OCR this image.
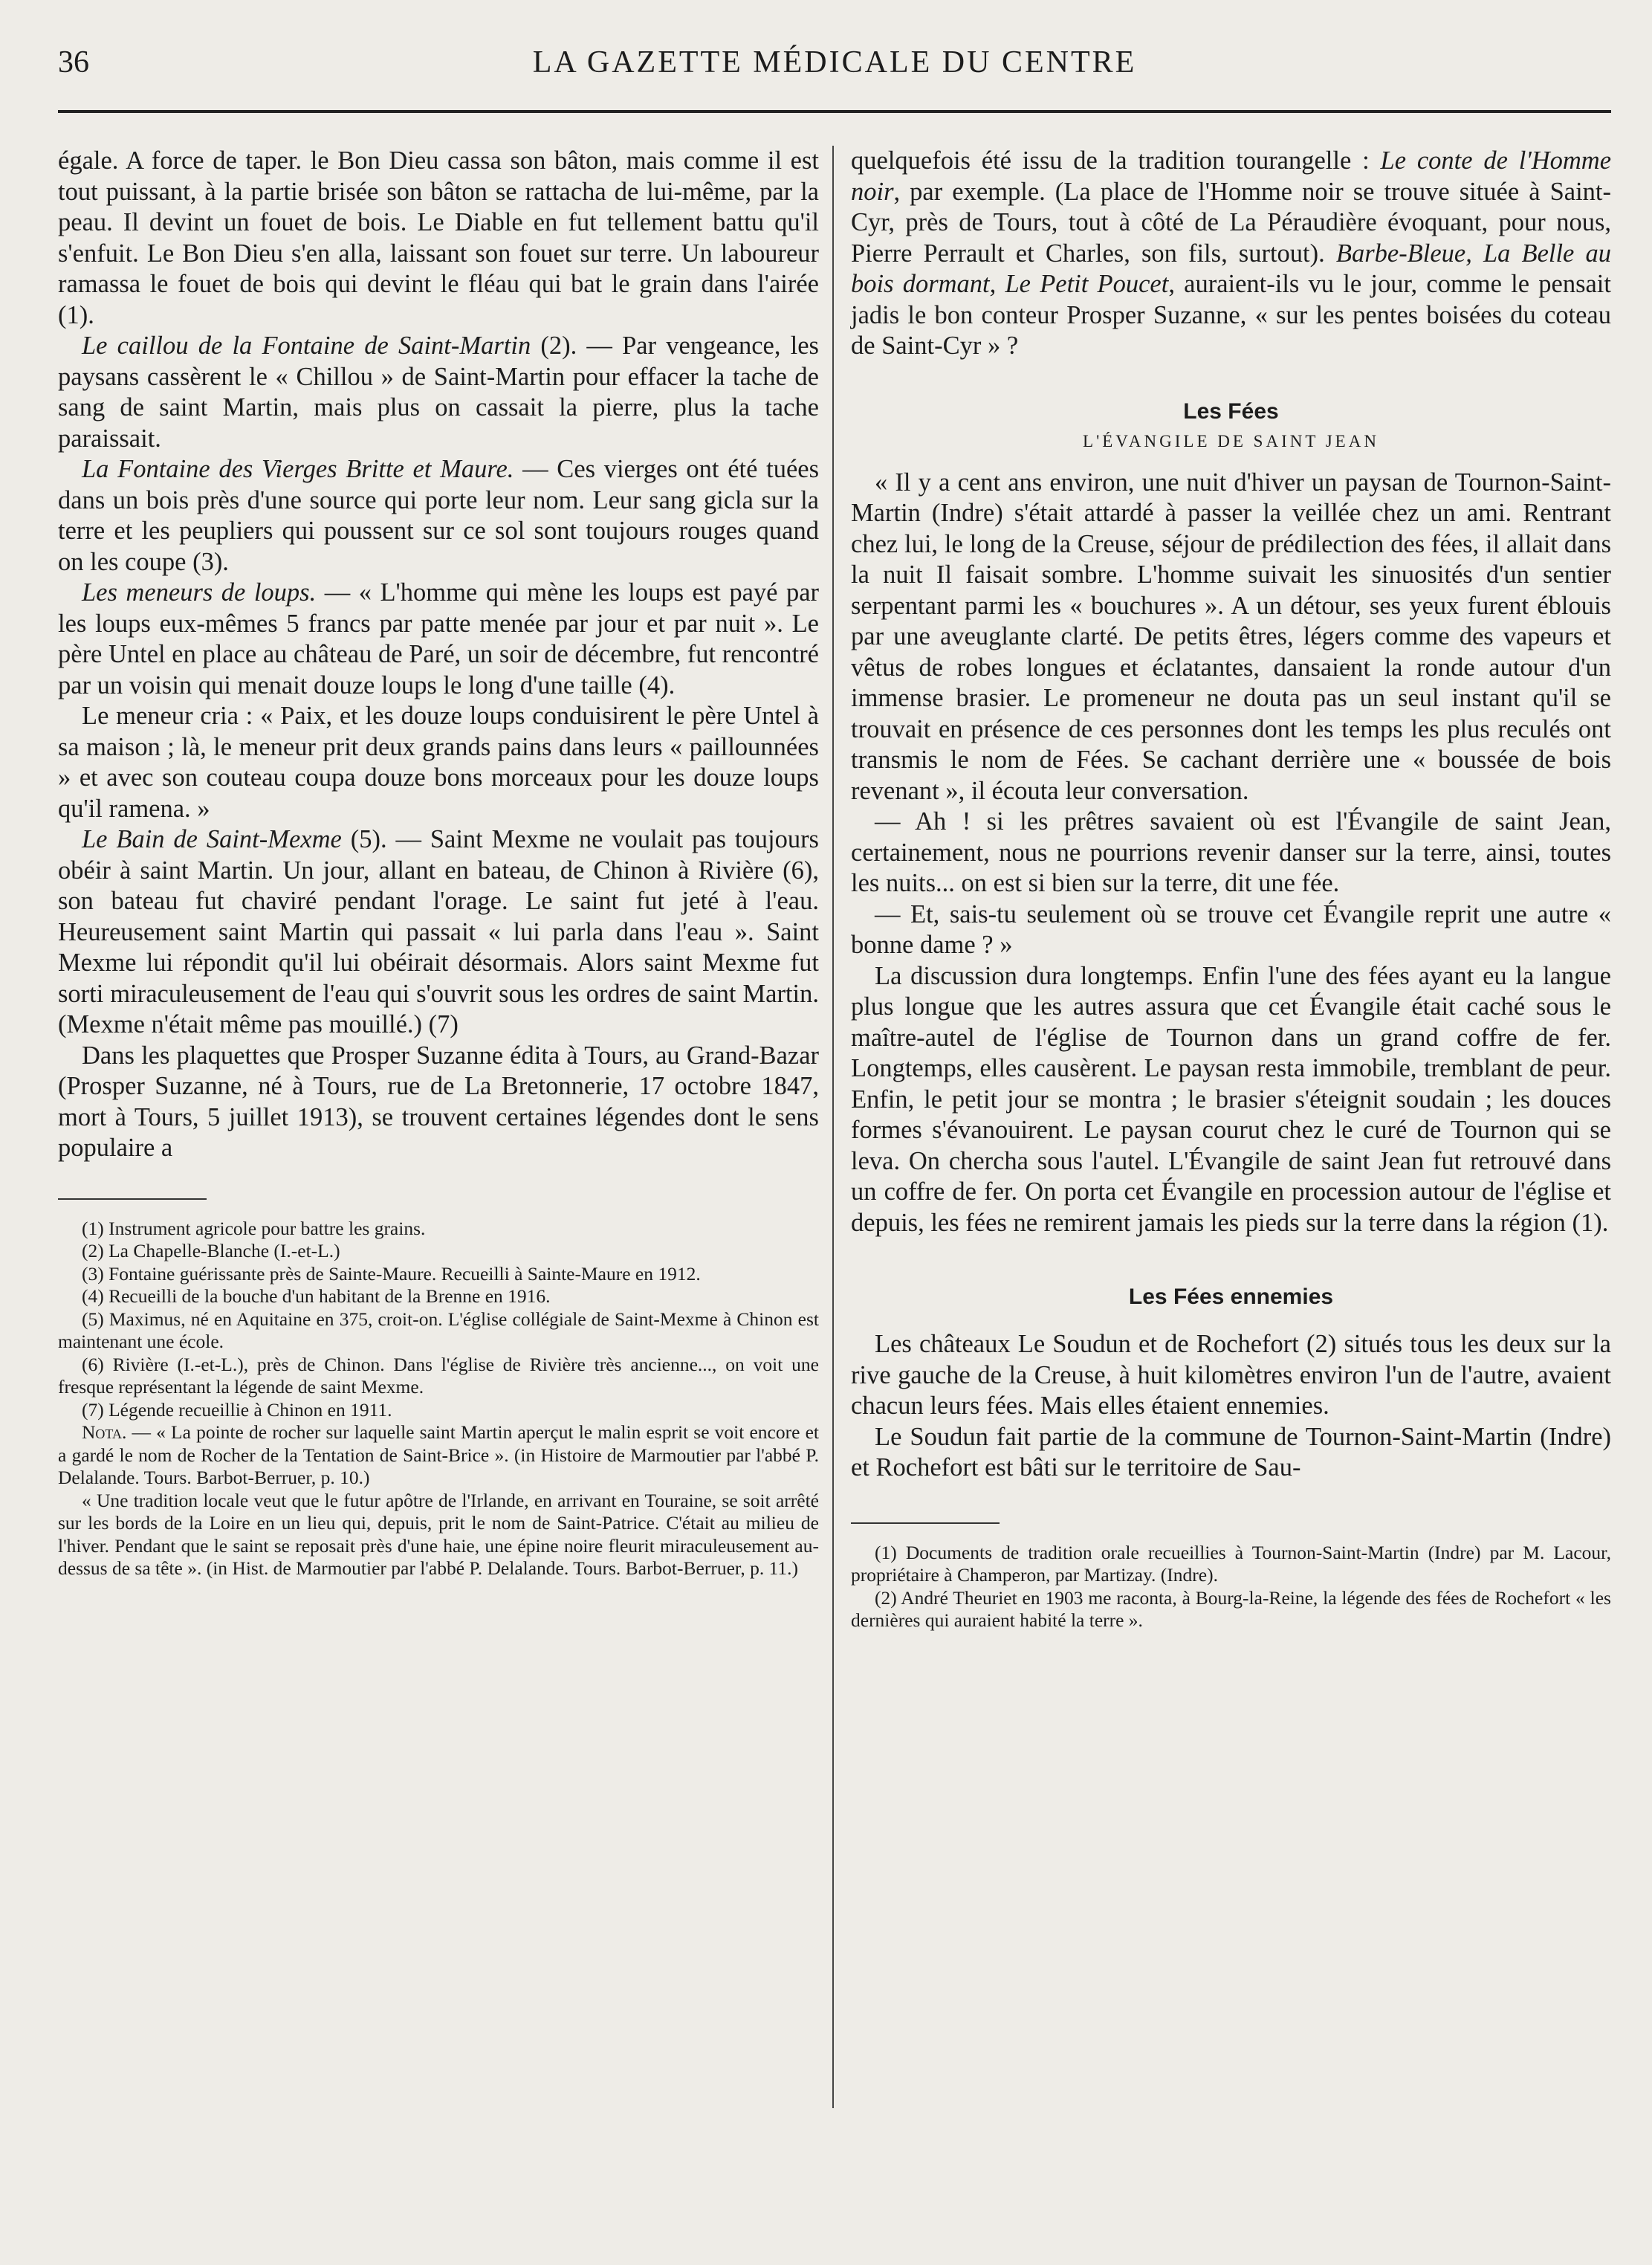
36	LA GAZETTE MÉDICALE DU CENTRE

égale. A force de taper. le Bon Dieu cassa son bâton, mais comme il est tout puissant, à la partie brisée son bâton se rattacha de lui-même, par la peau. Il devint un fouet de bois. Le Diable en fut tellement battu qu'il s'enfuit. Le Bon Dieu s'en alla, laissant son fouet sur terre. Un laboureur ramassa le fouet de bois qui devint le fléau qui bat le grain dans l'airée (1).

Le caillou de la Fontaine de Saint-Martin (2). — Par vengeance, les paysans cassèrent le « Chillou » de Saint-Martin pour effacer la tache de sang de saint Martin, mais plus on cassait la pierre, plus la tache paraissait.

La Fontaine des Vierges Britte et Maure. — Ces vierges ont été tuées dans un bois près d'une source qui porte leur nom. Leur sang gicla sur la terre et les peupliers qui poussent sur ce sol sont toujours rouges quand on les coupe (3).

Les meneurs de loups. — « L'homme qui mène les loups est payé par les loups eux-mêmes 5 francs par patte menée par jour et par nuit ». Le père Untel en place au château de Paré, un soir de décembre, fut rencontré par un voisin qui menait douze loups le long d'une taille (4).

Le meneur cria : « Paix, et les douze loups conduisirent le père Untel à sa maison ; là, le meneur prit deux grands pains dans leurs « paillounnées » et avec son couteau coupa douze bons morceaux pour les douze loups qu'il ramena. »

Le Bain de Saint-Mexme (5). — Saint Mexme ne voulait pas toujours obéir à saint Martin. Un jour, allant en bateau, de Chinon à Rivière (6), son bateau fut chaviré pendant l'orage. Le saint fut jeté à l'eau. Heureusement saint Martin qui passait « lui parla dans l'eau ». Saint Mexme lui répondit qu'il lui obéirait désormais. Alors saint Mexme fut sorti miraculeusement de l'eau qui s'ouvrit sous les ordres de saint Martin. (Mexme n'était même pas mouillé.) (7)

Dans les plaquettes que Prosper Suzanne édita à Tours, au Grand-Bazar (Prosper Suzanne, né à Tours, rue de La Bretonnerie, 17 octobre 1847, mort à Tours, 5 juillet 1913), se trouvent certaines légendes dont le sens populaire a

(1) Instrument agricole pour battre les grains.

(2) La Chapelle-Blanche (I.-et-L.)

(3) Fontaine guérissante près de Sainte-Maure. Recueilli à Sainte-Maure en 1912.

(4) Recueilli de la bouche d'un habitant de la Brenne en 1916.

(5) Maximus, né en Aquitaine en 375, croit-on. L'église collégiale de Saint-Mexme à Chinon est maintenant une école.

(6) Rivière (I.-et-L.), près de Chinon. Dans l'église de Rivière très ancienne..., on voit une fresque représentant la légende de saint Mexme.

(7) Légende recueillie à Chinon en 1911.

Nota. — « La pointe de rocher sur laquelle saint Martin aperçut le malin esprit se voit encore et a gardé le nom de Rocher de la Tentation de Saint-Brice ». (in Histoire de Marmoutier par l'abbé P. Delalande. Tours. Barbot-Berruer, p. 10.)

« Une tradition locale veut que le futur apôtre de l'Irlande, en arrivant en Touraine, se soit arrêté sur les bords de la Loire en un lieu qui, depuis, prit le nom de Saint-Patrice. C'était au milieu de l'hiver. Pendant que le saint se reposait près d'une haie, une épine noire fleurit miraculeusement au-dessus de sa tête ». (in Hist. de Marmoutier par l'abbé P. Delalande. Tours. Barbot-Berruer, p. 11.)

quelquefois été issu de la tradition tourangelle : Le conte de l'Homme noir, par exemple. (La place de l'Homme noir se trouve située à Saint-Cyr, près de Tours, tout à côté de La Péraudière évoquant, pour nous, Pierre Perrault et Charles, son fils, surtout). Barbe-Bleue, La Belle au bois dormant, Le Petit Poucet, auraient-ils vu le jour, comme le pensait jadis le bon conteur Prosper Suzanne, « sur les pentes boisées du coteau de Saint-Cyr » ?

Les Fées
L'ÉVANGILE DE SAINT JEAN

« Il y a cent ans environ, une nuit d'hiver un paysan de Tournon-Saint-Martin (Indre) s'était attardé à passer la veillée chez un ami. Rentrant chez lui, le long de la Creuse, séjour de prédilection des fées, il allait dans la nuit Il faisait sombre. L'homme suivait les sinuosités d'un sentier serpentant parmi les « bouchures ». A un détour, ses yeux furent éblouis par une aveuglante clarté. De petits êtres, légers comme des vapeurs et vêtus de robes longues et éclatantes, dansaient la ronde autour d'un immense brasier. Le promeneur ne douta pas un seul instant qu'il se trouvait en présence de ces personnes dont les temps les plus reculés ont transmis le nom de Fées. Se cachant derrière une « boussée de bois revenant », il écouta leur conversation.

— Ah ! si les prêtres savaient où est l'Évangile de saint Jean, certainement, nous ne pourrions revenir danser sur la terre, ainsi, toutes les nuits... on est si bien sur la terre, dit une fée.

— Et, sais-tu seulement où se trouve cet Évangile reprit une autre « bonne dame ? »

La discussion dura longtemps. Enfin l'une des fées ayant eu la langue plus longue que les autres assura que cet Évangile était caché sous le maître-autel de l'église de Tournon dans un grand coffre de fer. Longtemps, elles causèrent. Le paysan resta immobile, tremblant de peur. Enfin, le petit jour se montra ; le brasier s'éteignit soudain ; les douces formes s'évanouirent. Le paysan courut chez le curé de Tournon qui se leva. On chercha sous l'autel. L'Évangile de saint Jean fut retrouvé dans un coffre de fer. On porta cet Évangile en procession autour de l'église et depuis, les fées ne remirent jamais les pieds sur la terre dans la région (1).

Les Fées ennemies

Les châteaux Le Soudun et de Rochefort (2) situés tous les deux sur la rive gauche de la Creuse, à huit kilomètres environ l'un de l'autre, avaient chacun leurs fées. Mais elles étaient ennemies.

Le Soudun fait partie de la commune de Tournon-Saint-Martin (Indre) et Rochefort est bâti sur le territoire de Sau-

(1) Documents de tradition orale recueillies à Tournon-Saint-Martin (Indre) par M. Lacour, propriétaire à Champeron, par Martizay. (Indre).

(2) André Theuriet en 1903 me raconta, à Bourg-la-Reine, la légende des fées de Rochefort « les dernières qui auraient habité la terre ».
